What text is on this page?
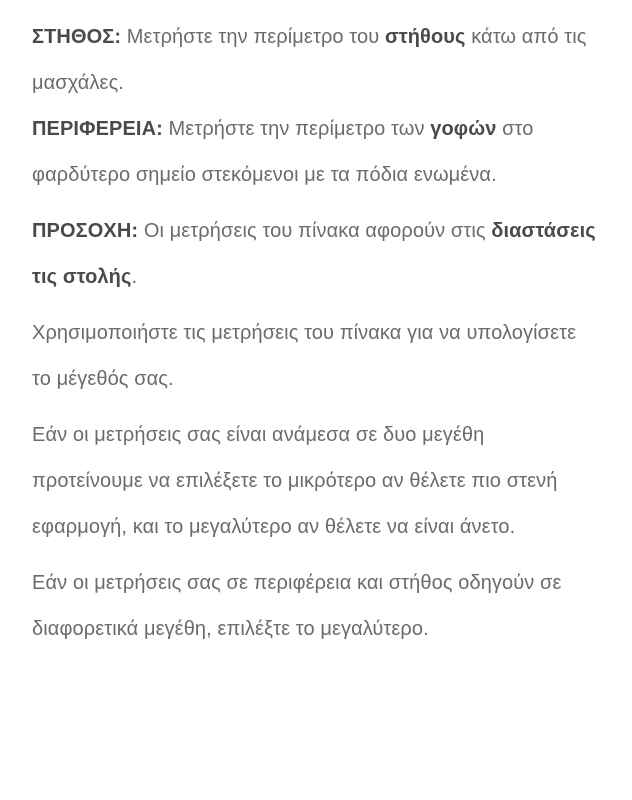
ΣΤΗΘΟΣ: Μετρήστε την περίμετρο του στήθους κάτω από τις μασχάλες.

ΠΕΡΙΦΕΡΕΙΑ: Μετρήστε την περίμετρο των γοφών στο φαρδύτερο σημείο στεκόμενοι με τα πόδια ενωμένα.

ΠΡΟΣΟΧΗ: Οι μετρήσεις του πίνακα αφορούν στις διαστάσεις τις στολής.

Χρησιμοποιήστε τις μετρήσεις του πίνακα για να υπολογίσετε το μέγεθός σας.

Εάν οι μετρήσεις σας είναι ανάμεσα σε δυο μεγέθη προτείνουμε να επιλέξετε το μικρότερο αν θέλετε πιο στενή εφαρμογή, και το μεγαλύτερο αν θέλετε να είναι άνετο.

Εάν οι μετρήσεις σας σε περιφέρεια και στήθος οδηγούν σε διαφορετικά μεγέθη, επιλέξτε το μεγαλύτερο.
